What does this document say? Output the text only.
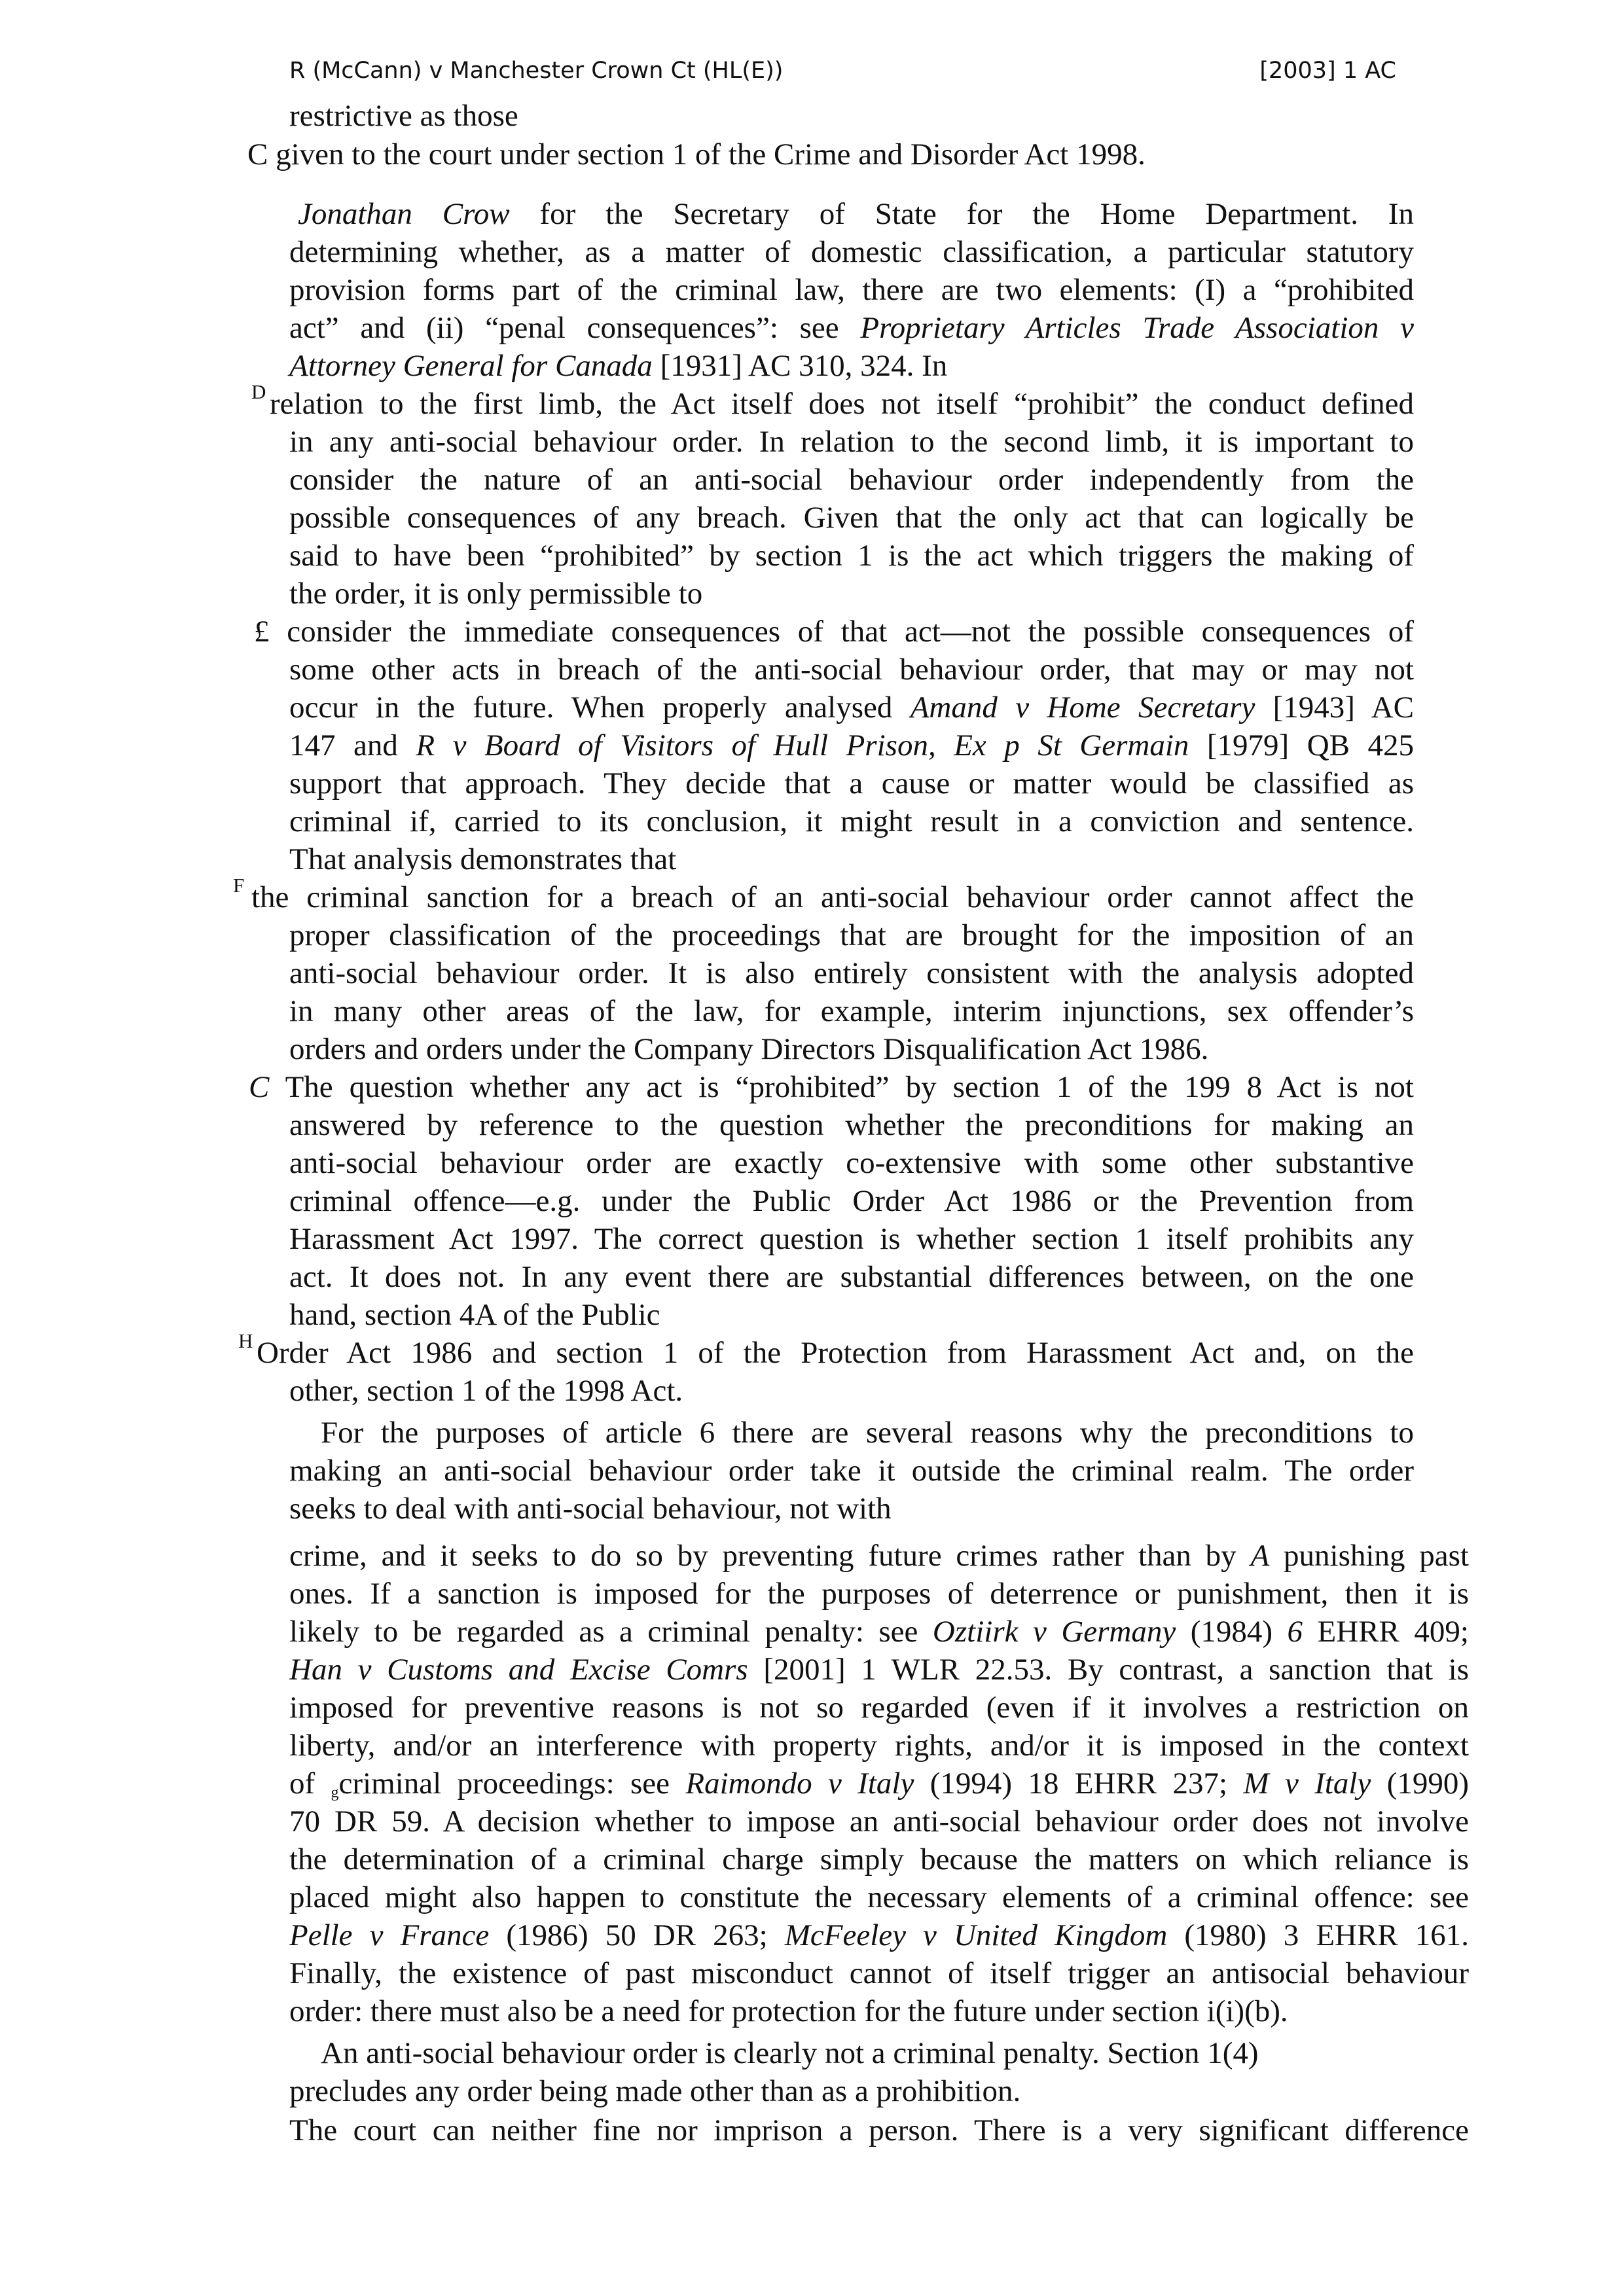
R (McCann) v Manchester Crown Ct (HL(E))	[2003] 1 AC
restrictive as those
C given to the court under section 1 of the Crime and Disorder Act 1998.
Jonathan Crow for the Secretary of State for the Home Department. In
determining whether, as a matter of domestic classification, a particular statutory
provision forms part of the criminal law, there are two elements: (I) a “prohibited
act” and (ii) “penal consequences”: see Proprietary Articles Trade Association v
Attorney General for Canada [1931] AC 310, 324. In
D relation to the first limb, the Act itself does not itself “prohibit” the conduct defined
in any anti-social behaviour order. In relation to the second limb, it is important to
consider the nature of an anti-social behaviour order independently from the
possible consequences of any breach. Given that the only act that can logically be
said to have been “prohibited” by section 1 is the act which triggers the making of
the order, it is only permissible to
£ consider the immediate consequences of that act—not the possible consequences of
some other acts in breach of the anti-social behaviour order, that may or may not
occur in the future. When properly analysed Amand v Home Secretary [1943] AC
147 and R v Board of Visitors of Hull Prison, Ex p St Germain [1979] QB 425
support that approach. They decide that a cause or matter would be classified as
criminal if, carried to its conclusion, it might result in a conviction and sentence.
That analysis demonstrates that
F the criminal sanction for a breach of an anti-social behaviour order cannot affect the
proper classification of the proceedings that are brought for the imposition of an
anti-social behaviour order. It is also entirely consistent with the analysis adopted
in many other areas of the law, for example, interim injunctions, sex offender’s
orders and orders under the Company Directors Disqualification Act 1986.
C The question whether any act is “prohibited” by section 1 of the 199 8 Act is not
answered by reference to the question whether the preconditions for making an
anti-social behaviour order are exactly co-extensive with some other substantive
criminal offence—e.g. under the Public Order Act 1986 or the Prevention from
Harassment Act 1997. The correct question is whether section 1 itself prohibits any
act. It does not. In any event there are substantial differences between, on the one
hand, section 4A of the Public
H Order Act 1986 and section 1 of the Protection from Harassment Act and, on the
other, section 1 of the 1998 Act.
For the purposes of article 6 there are several reasons why the preconditions to
making an anti-social behaviour order take it outside the criminal realm. The order
seeks to deal with anti-social behaviour, not with
crime, and it seeks to do so by preventing future crimes rather than by A punishing past
ones. If a sanction is imposed for the purposes of deterrence or punishment, then it is
likely to be regarded as a criminal penalty: see Oztiirk v Germany (1984) 6 EHRR 409;
Han v Customs and Excise Comrs [2001] 1 WLR 22.53. By contrast, a sanction that is
imposed for preventive reasons is not so regarded (even if it involves a restriction on
liberty, and/or an interference with property rights, and/or it is imposed in the context
of $_g$criminal proceedings: see Raimondo v Italy (1994) 18 EHRR 237; M v Italy (1990)
70 DR 59. A decision whether to impose an anti-social behaviour order does not involve
the determination of a criminal charge simply because the matters on which reliance is
placed might also happen to constitute the necessary elements of a criminal offence: see
Pelle v France (1986) 50 DR 263; McFeeley v United Kingdom (1980) 3 EHRR 161.
Finally, the existence of past misconduct cannot of itself trigger an antisocial behaviour
order: there must also be a need for protection for the future under section i(i)(b).
An anti-social behaviour order is clearly not a criminal penalty. Section 1(4)
precludes any order being made other than as a prohibition.
The court can neither fine nor imprison a person. There is a very significant difference
